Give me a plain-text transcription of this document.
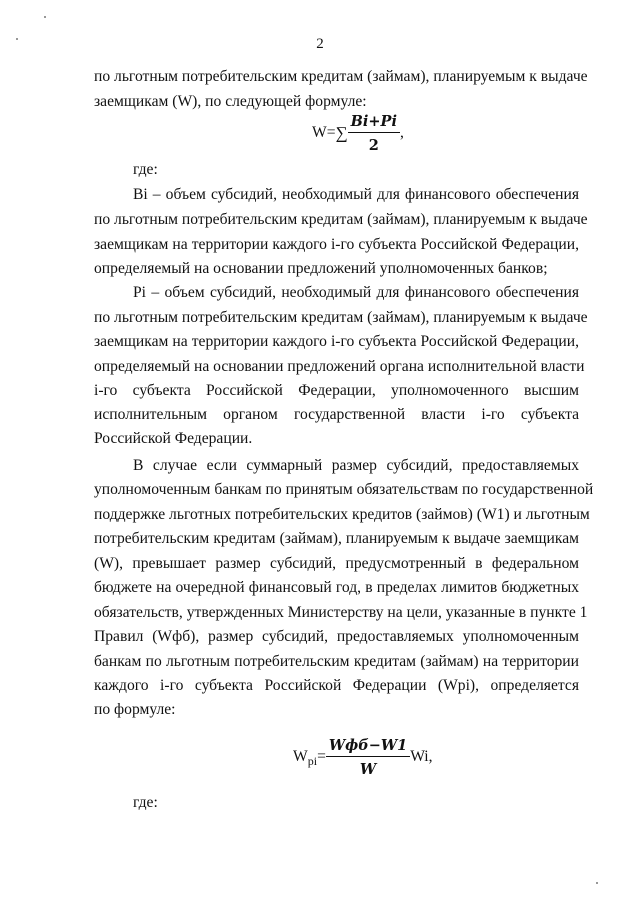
2
по льготным потребительским кредитам (займам), планируемым к выдаче
заемщикам (W), по следующей формуле:
$W=\sum \frac{Bi+Pi}{2}$ ,
где:
Bi – объем субсидий, необходимый для финансового обеспечения
по льготным потребительским кредитам (займам), планируемым к выдаче
заемщикам на территории каждого i-го субъекта Российской Федерации,
определяемый на основании предложений уполномоченных банков;
Pi – объем субсидий, необходимый для финансового обеспечения
по льготным потребительским кредитам (займам), планируемым к выдаче
заемщикам на территории каждого i-го субъекта Российской Федерации,
определяемый на основании предложений органа исполнительной власти
i-го субъекта Российской Федерации, уполномоченного высшим
исполнительным органом государственной власти i-го субъекта
Российской Федерации.
В случае если суммарный размер субсидий, предоставляемых
уполномоченным банкам по принятым обязательствам по государственной
поддержке льготных потребительских кредитов (займов) (W1) и льготным
потребительским кредитам (займам), планируемым к выдаче заемщикам
(W), превышает размер субсидий, предусмотренный в федеральном
бюджете на очередной финансовый год, в пределах лимитов бюджетных
обязательств, утвержденных Министерству на цели, указанные в пункте 1
Правил (Wфб), размер субсидий, предоставляемых уполномоченным
банкам по льготным потребительским кредитам (займам) на территории
каждого i-го субъекта Российской Федерации (Wpi), определяется
по формуле:
$W_{pi}= \frac{\text{Wфб−W1}}{W} Wi$,
где:
